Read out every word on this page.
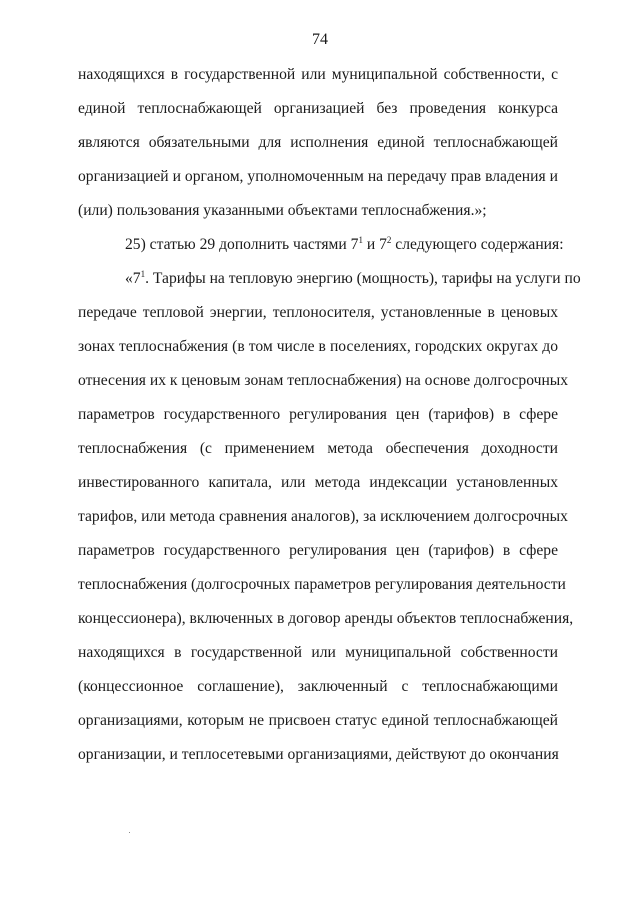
74
находящихся в государственной или муниципальной собственности, с
единой теплоснабжающей организацией без проведения конкурса
являются обязательными для исполнения единой теплоснабжающей
организацией и органом, уполномоченным на передачу прав владения и
(или) пользования указанными объектами теплоснабжения.»;
25) статью 29 дополнить частями $7^1$ и $7^2$ следующего содержания:
«$7^1$. Тарифы на тепловую энергию (мощность), тарифы на услуги по
передаче тепловой энергии, теплоносителя, установленные в ценовых
зонах теплоснабжения (в том числе в поселениях, городских округах до
отнесения их к ценовым зонам теплоснабжения) на основе долгосрочных
параметров государственного регулирования цен (тарифов) в сфере
теплоснабжения (с применением метода обеспечения доходности
инвестированного капитала, или метода индексации установленных
тарифов, или метода сравнения аналогов), за исключением долгосрочных
параметров государственного регулирования цен (тарифов) в сфере
теплоснабжения (долгосрочных параметров регулирования деятельности
концессионера), включенных в договор аренды объектов теплоснабжения,
находящихся в государственной или муниципальной собственности
(концессионное соглашение), заключенный с теплоснабжающими
организациями, которым не присвоен статус единой теплоснабжающей
организации, и теплосетевыми организациями, действуют до окончания
